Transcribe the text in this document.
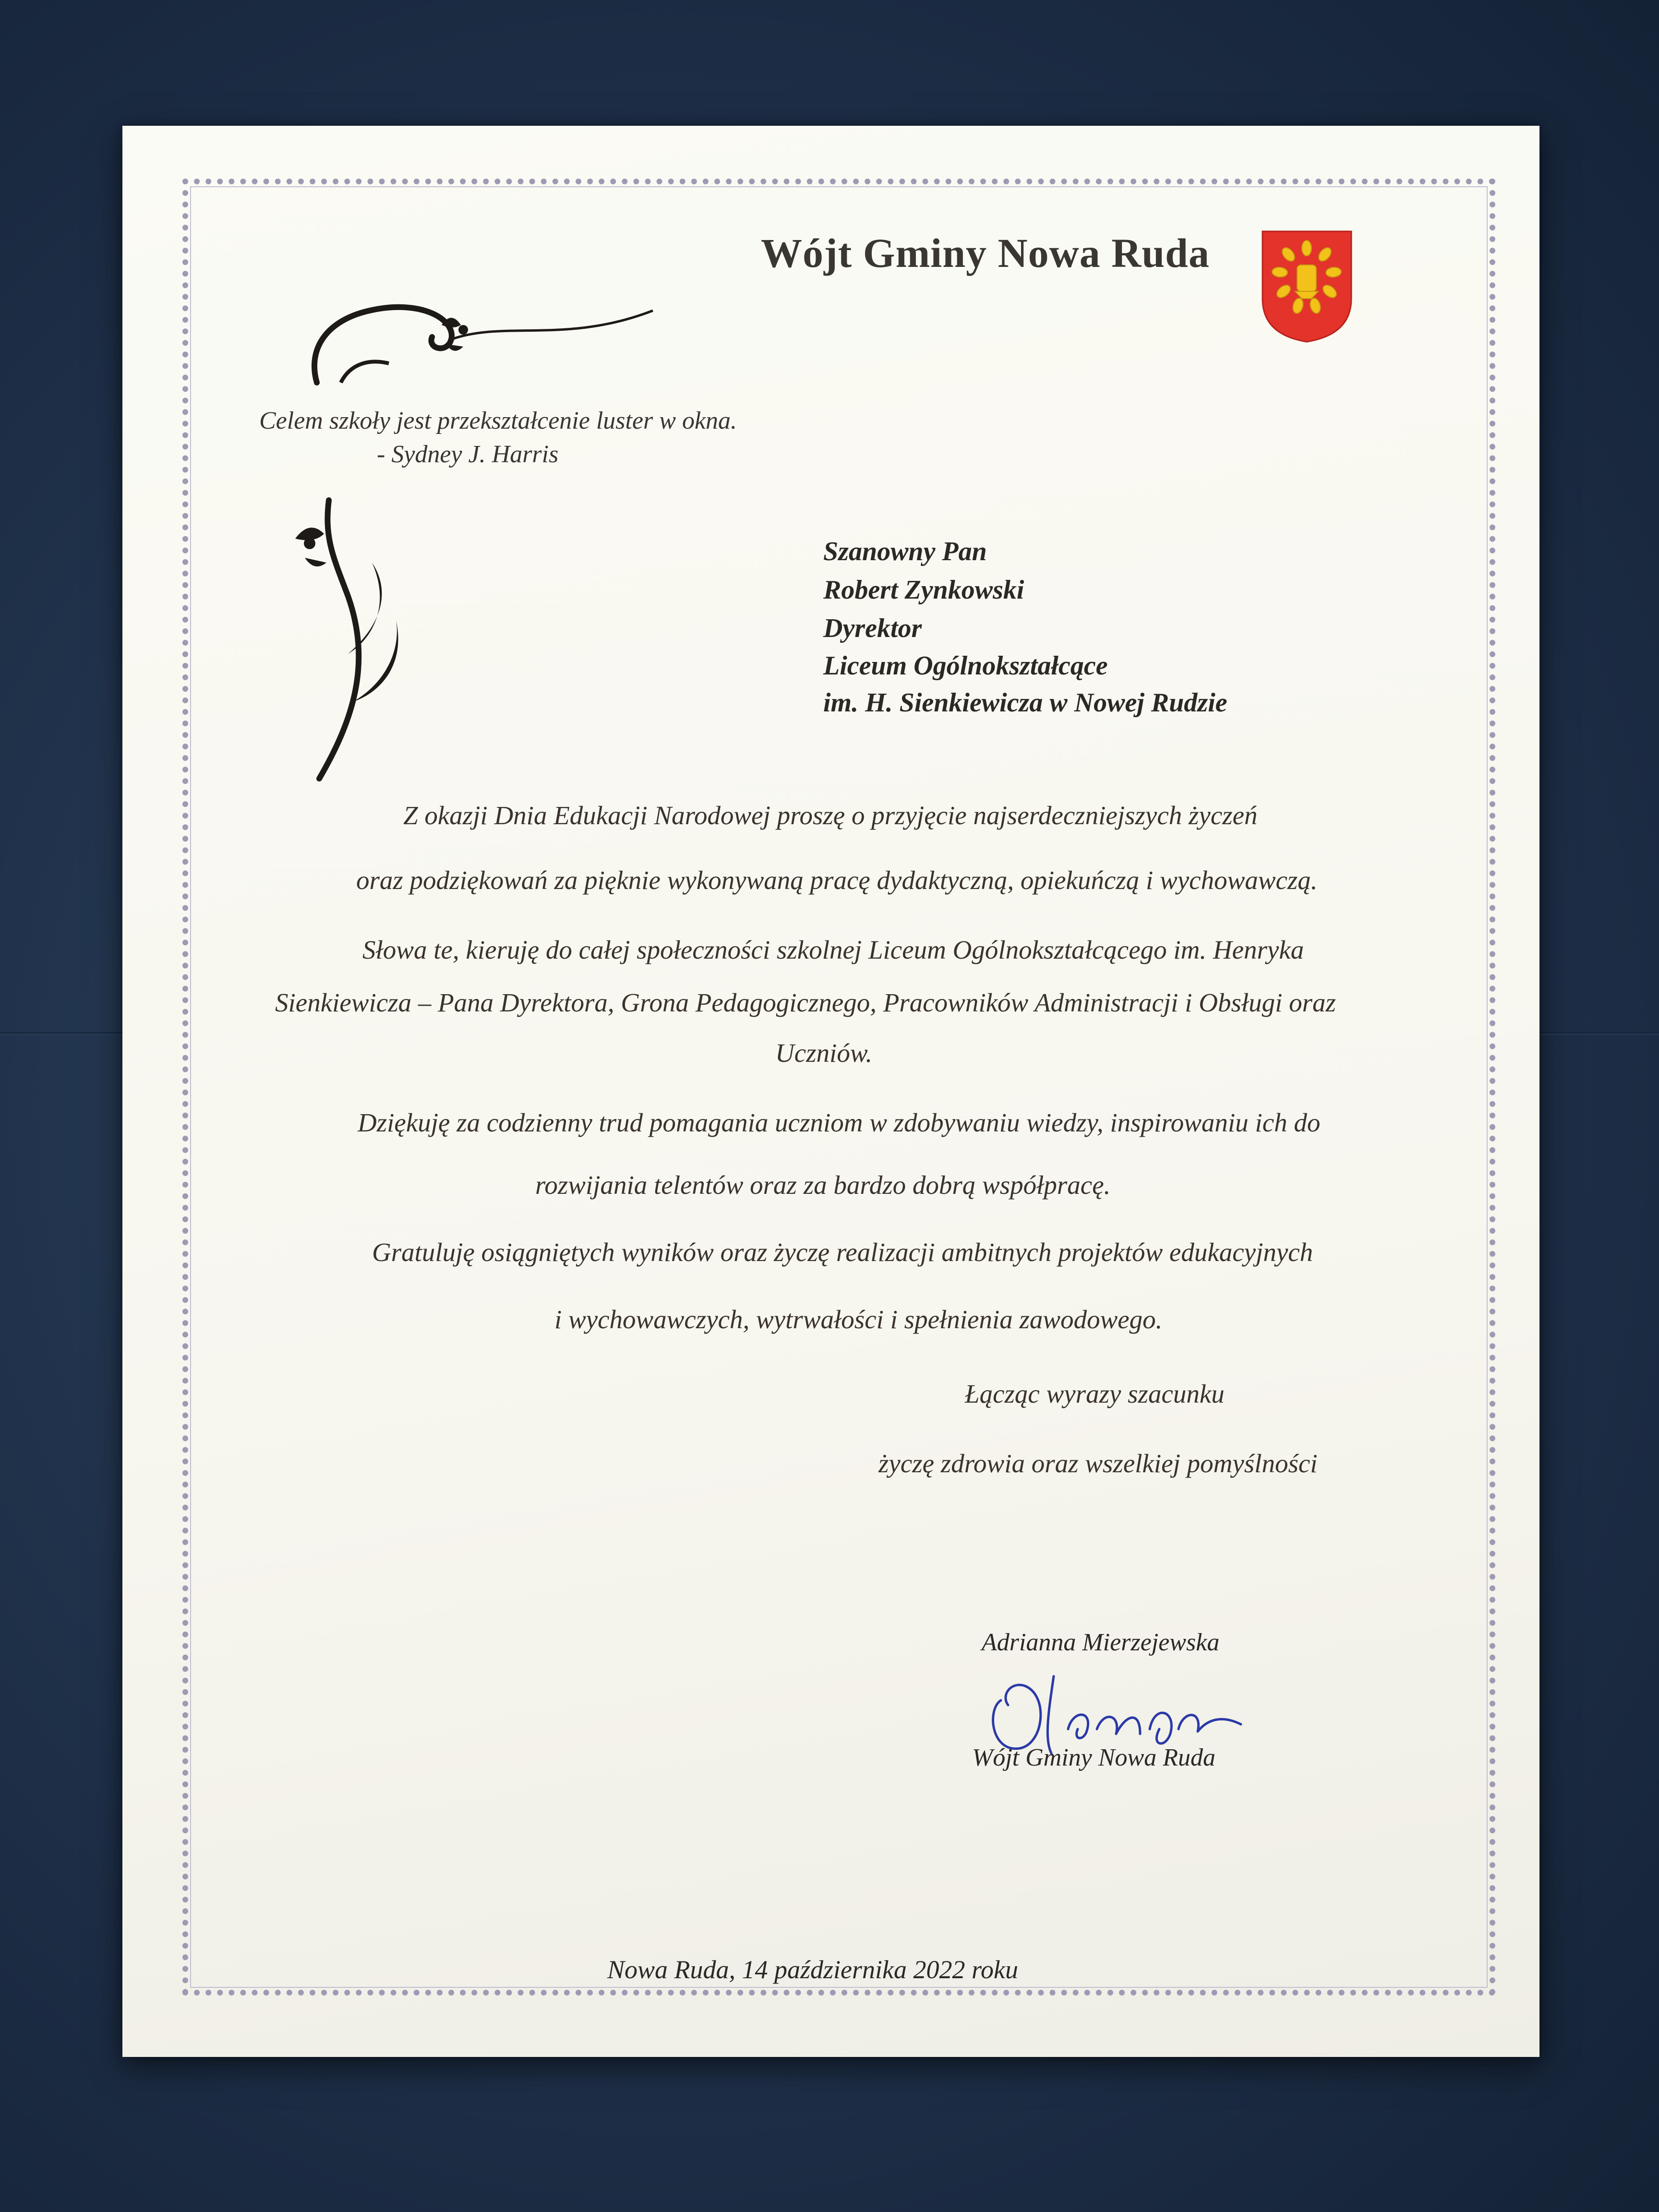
Wójt Gminy Nowa Ruda

Celem szkoły jest przekształcenie luster w okna.

- Sydney J. Harris

Szanowny Pan

Robert Zynkowski

Dyrektor

Liceum Ogólnokształcące

im. H. Sienkiewicza w Nowej Rudzie

Z okazji Dnia Edukacji Narodowej proszę o przyjęcie najserdeczniejszych życzeń

oraz podziękowań za pięknie wykonywaną pracę dydaktyczną, opiekuńczą i wychowawczą.

Słowa te, kieruję do całej społeczności szkolnej Liceum Ogólnokształcącego im. Henryka

Sienkiewicza – Pana Dyrektora, Grona Pedagogicznego, Pracowników Administracji i Obsługi oraz

Uczniów.

Dziękuję za codzienny trud pomagania uczniom w zdobywaniu wiedzy, inspirowaniu ich do

rozwijania telentów oraz za bardzo dobrą współpracę.

Gratuluję osiągniętych wyników oraz życzę realizacji ambitnych projektów edukacyjnych

i wychowawczych, wytrwałości i spełnienia zawodowego.

Łącząc wyrazy szacunku

życzę zdrowia oraz wszelkiej pomyślności

Adrianna Mierzejewska

Wójt Gminy Nowa Ruda

Nowa Ruda, 14 października 2022 roku
